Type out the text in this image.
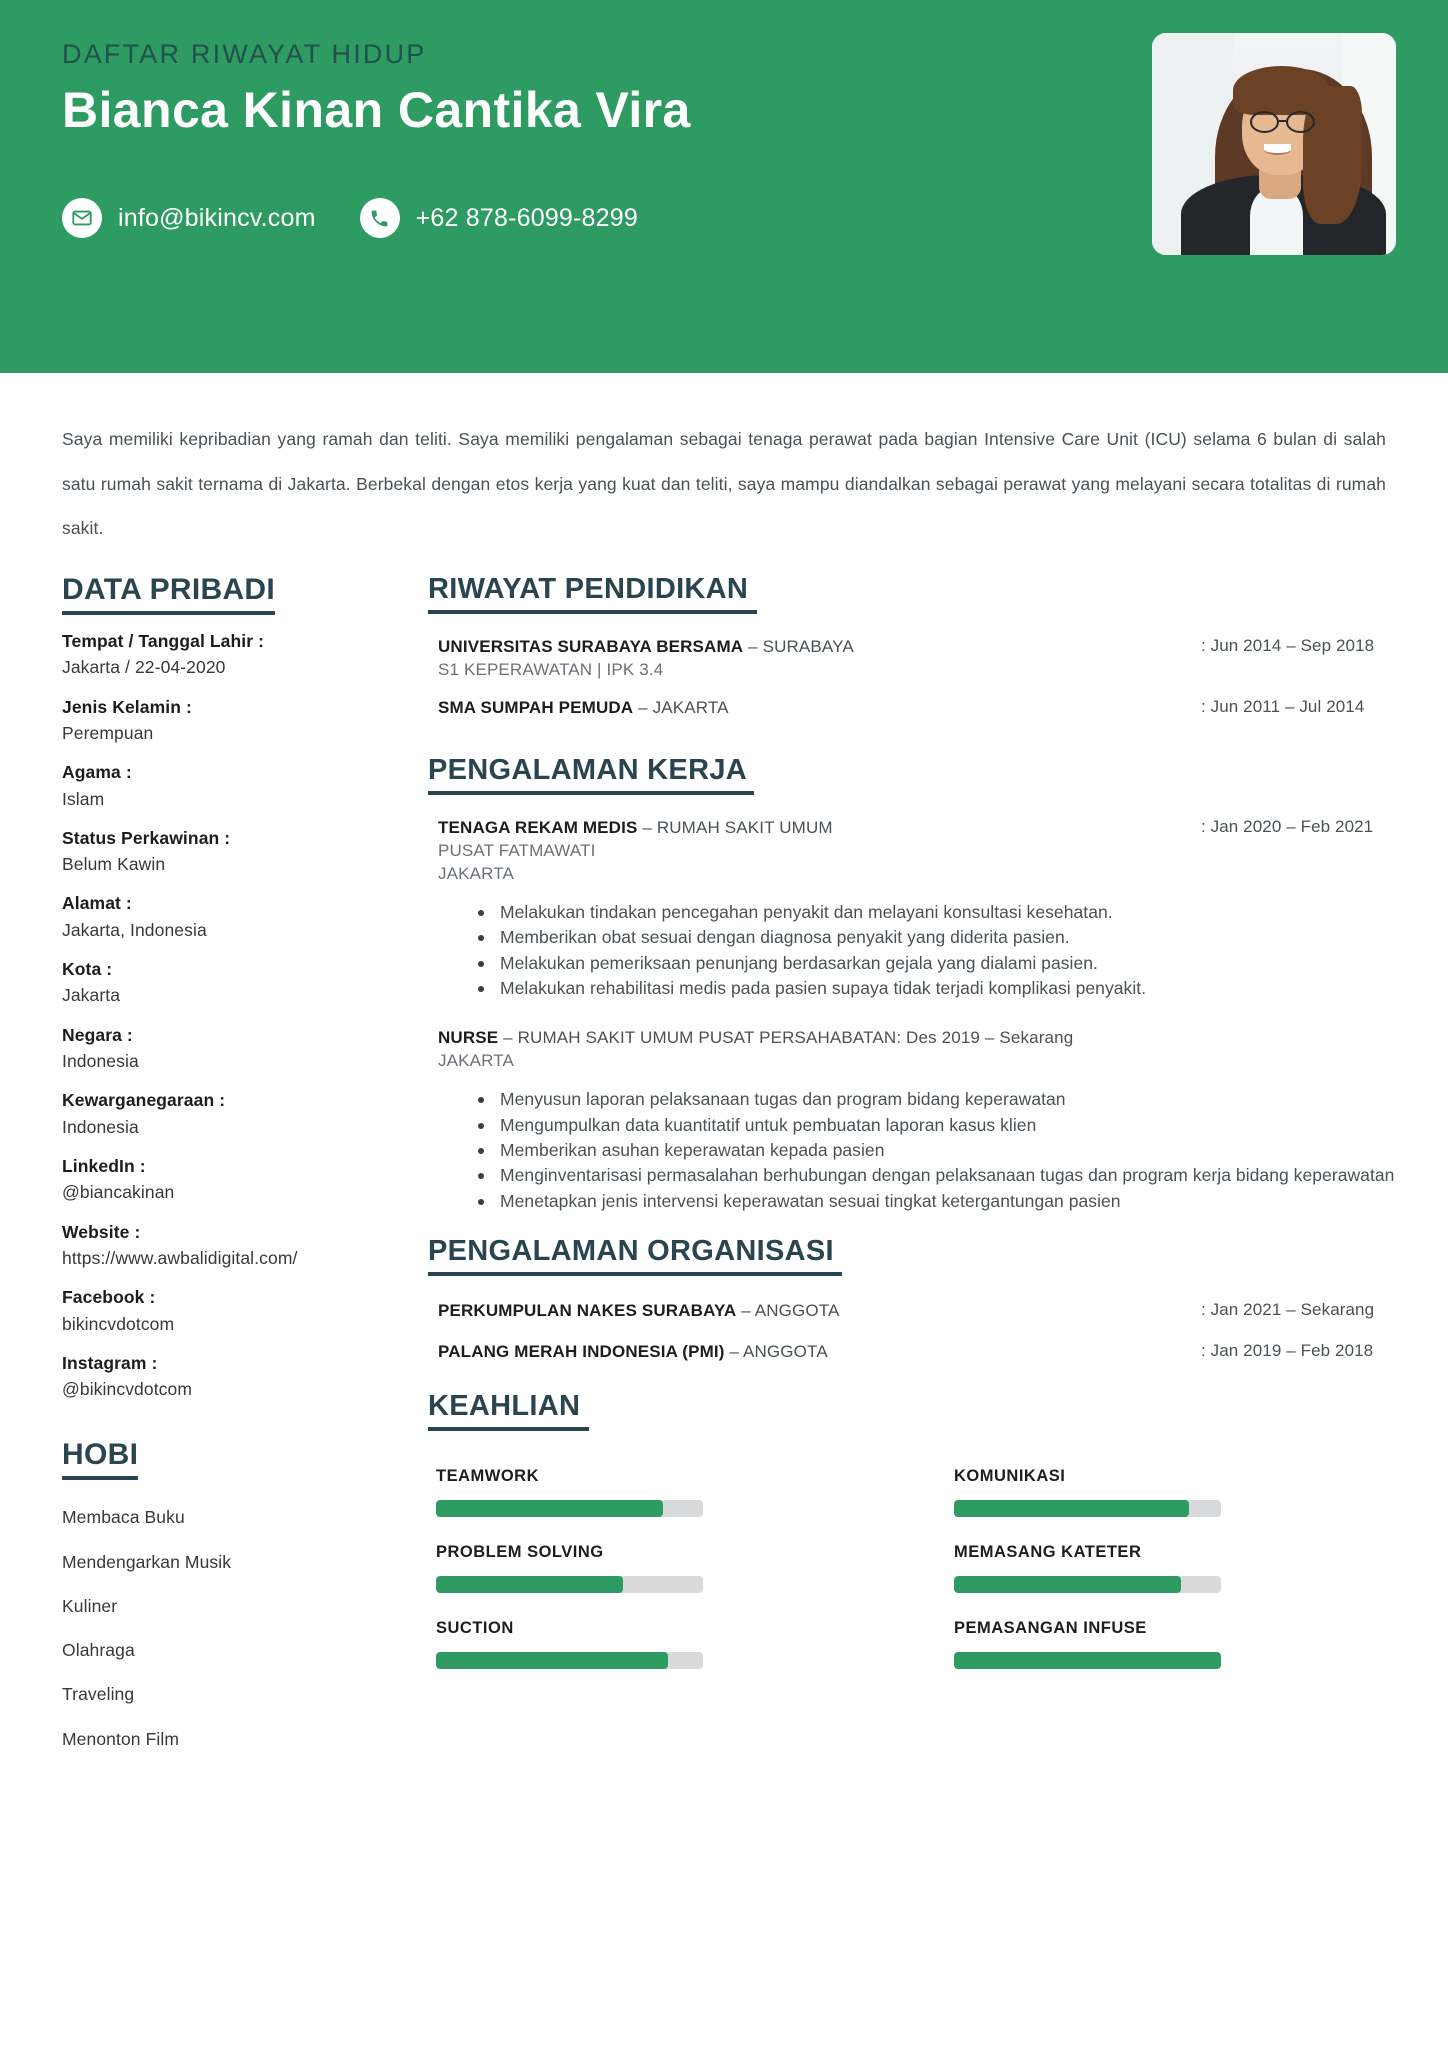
DAFTAR RIWAYAT HIDUP
Bianca Kinan Cantika Vira
info@bikincv.com	+62 878-6099-8299
Saya memiliki kepribadian yang ramah dan teliti. Saya memiliki pengalaman sebagai tenaga perawat pada bagian Intensive Care Unit (ICU) selama 6 bulan di salah satu rumah sakit ternama di Jakarta. Berbekal dengan etos kerja yang kuat dan teliti, saya mampu diandalkan sebagai perawat yang melayani secara totalitas di rumah sakit.
DATA PRIBADI
Tempat / Tanggal Lahir :
Jakarta / 22-04-2020
Jenis Kelamin :
Perempuan
Agama :
Islam
Status Perkawinan :
Belum Kawin
Alamat :
Jakarta, Indonesia
Kota :
Jakarta
Negara :
Indonesia
Kewarganegaraan :
Indonesia
LinkedIn :
@biancakinan
Website :
https://www.awbalidigital.com/
Facebook :
bikincvdotcom
Instagram :
@bikincvdotcom
HOBI
Membaca Buku
Mendengarkan Musik
Kuliner
Olahraga
Traveling
Menonton Film
RIWAYAT PENDIDIKAN
UNIVERSITAS SURABAYA BERSAMA – SURABAYA
S1 KEPERAWATAN | IPK 3.4
: Jun 2014 – Sep 2018
SMA SUMPAH PEMUDA – JAKARTA	: Jun 2011 – Jul 2014
PENGALAMAN KERJA
TENAGA REKAM MEDIS – RUMAH SAKIT UMUM
PUSAT FATMAWATI
JAKARTA
: Jan 2020 – Feb 2021
Melakukan tindakan pencegahan penyakit dan melayani konsultasi kesehatan.
Memberikan obat sesuai dengan diagnosa penyakit yang diderita pasien.
Melakukan pemeriksaan penunjang berdasarkan gejala yang dialami pasien.
Melakukan rehabilitasi medis pada pasien supaya tidak terjadi komplikasi penyakit.
NURSE – RUMAH SAKIT UMUM PUSAT PERSAHABATAN: Des 2019 – Sekarang
JAKARTA
Menyusun laporan pelaksanaan tugas dan program bidang keperawatan
Mengumpulkan data kuantitatif untuk pembuatan laporan kasus klien
Memberikan asuhan keperawatan kepada pasien
Menginventarisasi permasalahan berhubungan dengan pelaksanaan tugas dan program kerja bidang keperawatan
Menetapkan jenis intervensi keperawatan sesuai tingkat ketergantungan pasien
PENGALAMAN ORGANISASI
PERKUMPULAN NAKES SURABAYA – ANGGOTA	: Jan 2021 – Sekarang
PALANG MERAH INDONESIA (PMI) – ANGGOTA	: Jan 2019 – Feb 2018
KEAHLIAN
TEAMWORK	KOMUNIKASI
PROBLEM SOLVING	MEMASANG KATETER
SUCTION	PEMASANGAN INFUSE
